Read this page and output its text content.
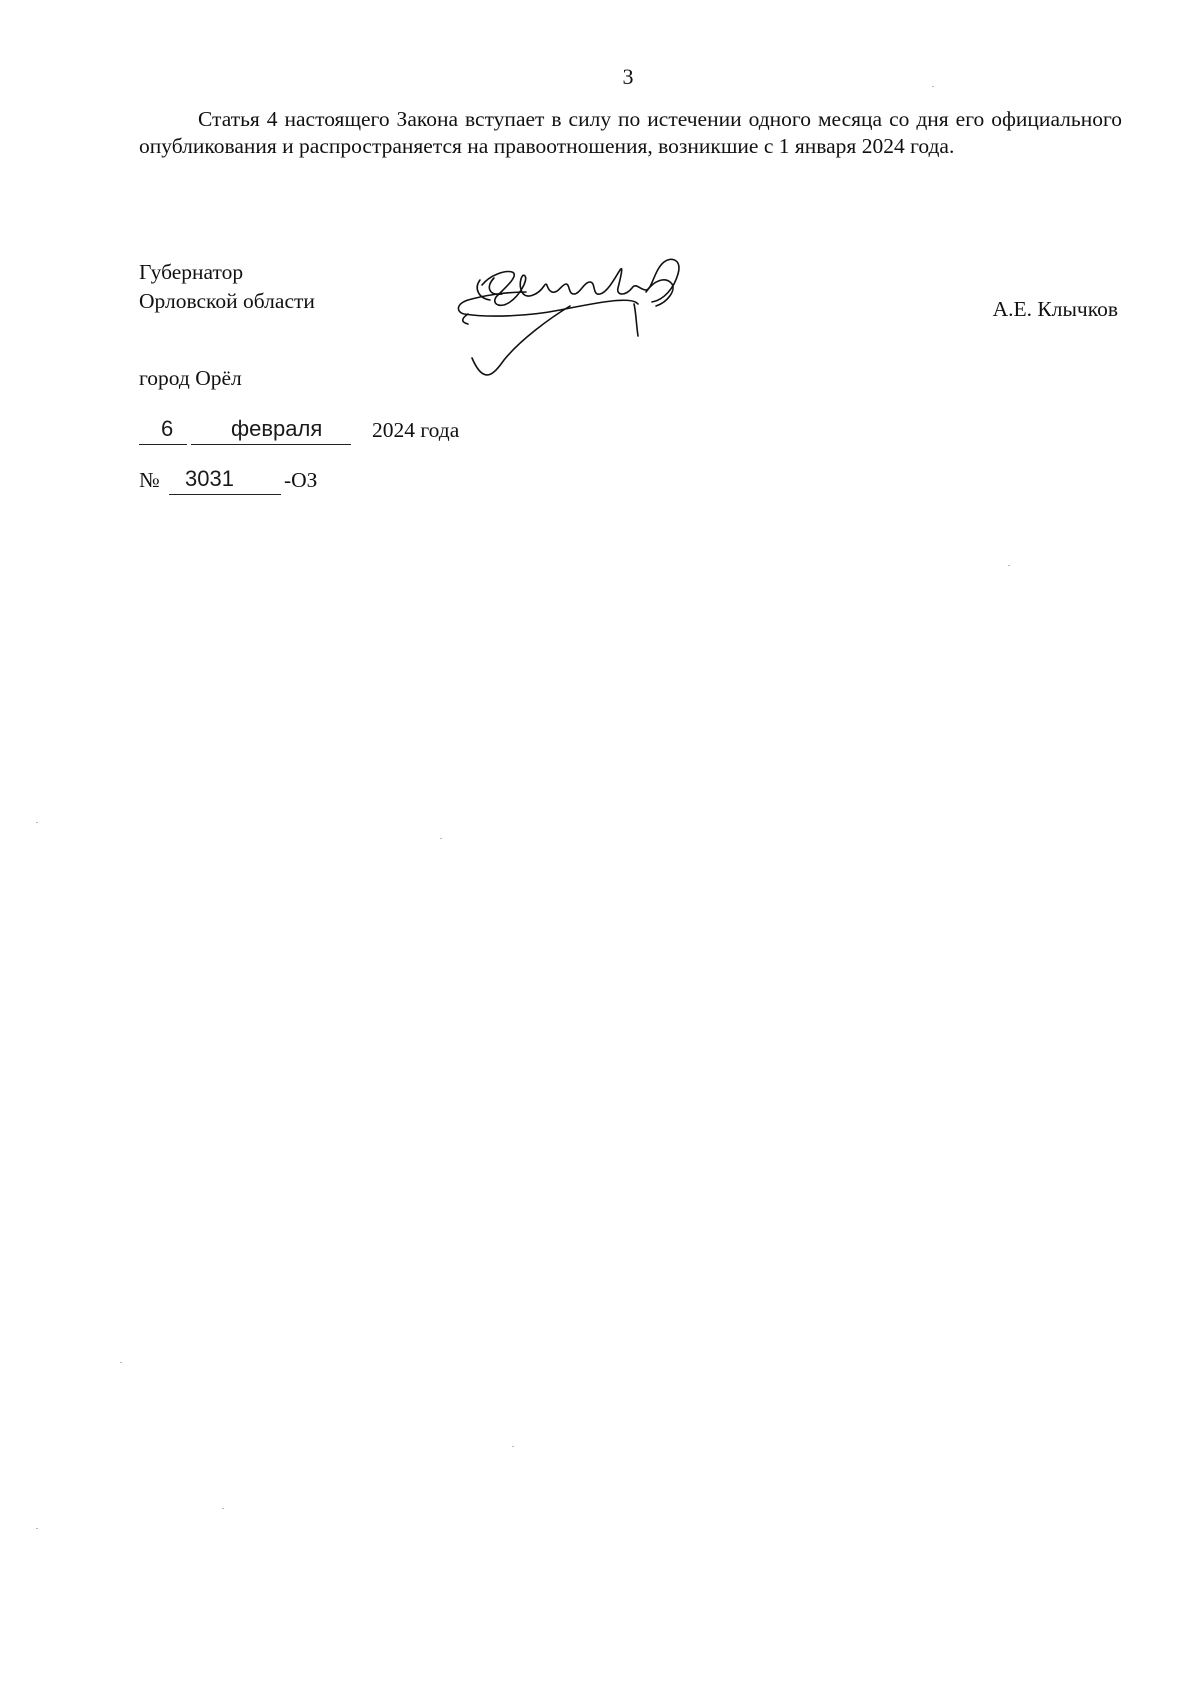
3

Статья 4 настоящего Закона вступает в силу по истечении одного месяца со дня его официального опубликования и распространяется на правоотношения, возникшие с 1 января 2024 года.

Губернатор
Орловской области	А.Е. Клычков
город Орёл
6	февраля 2024 года
№ 3031 -ОЗ
